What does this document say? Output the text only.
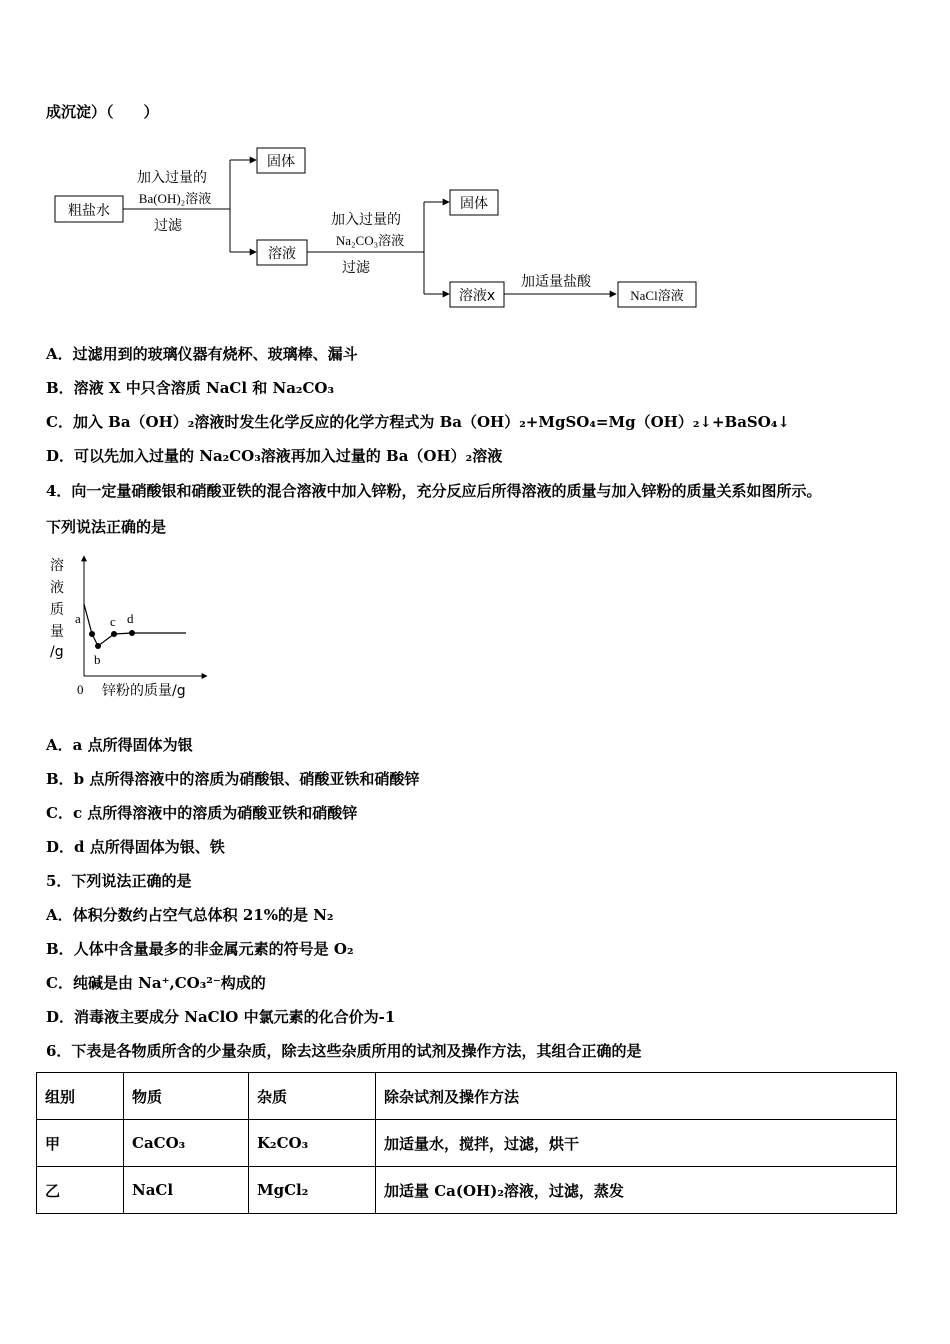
成沉淀）（　　）
粗盐水
加入过量的
Ba(OH)₂溶液
过滤
固体
溶液
加入过量的
Na₂CO₃溶液
过滤
固体
溶液x
加适量盐酸
NaCl溶液
A．过滤用到的玻璃仪器有烧杯、玻璃棒、漏斗
B．溶液 X 中只含溶质 NaCl 和 Na₂CO₃
C．加入 Ba（OH）₂溶液时发生化学反应的化学方程式为 Ba（OH）₂+MgSO₄=Mg（OH）₂↓+BaSO₄↓
D．可以先加入过量的 Na₂CO₃溶液再加入过量的 Ba（OH）₂溶液
4．向一定量硝酸银和硝酸亚铁的混合溶液中加入锌粉，充分反应后所得溶液的质量与加入锌粉的质量关系如图所示。
下列说法正确的是
溶
液
质
量
/g
a
b
c d
0 锌粉的质量/g
A．a 点所得固体为银
B．b 点所得溶液中的溶质为硝酸银、硝酸亚铁和硝酸锌
C．c 点所得溶液中的溶质为硝酸亚铁和硝酸锌
D．d 点所得固体为银、铁
5．下列说法正确的是
A．体积分数约占空气总体积 21%的是 N₂
B．人体中含量最多的非金属元素的符号是 O₂
C．纯碱是由 Na⁺,CO₃²⁻构成的
D．消毒液主要成分 NaClO 中氯元素的化合价为-1
6．下表是各物质所含的少量杂质，除去这些杂质所用的试剂及操作方法，其组合正确的是
组别	物质	杂质	除杂试剂及操作方法
甲	CaCO₃	K₂CO₃	加适量水，搅拌，过滤，烘干
乙	NaCl	MgCl₂	加适量 Ca(OH)₂溶液，过滤，蒸发
